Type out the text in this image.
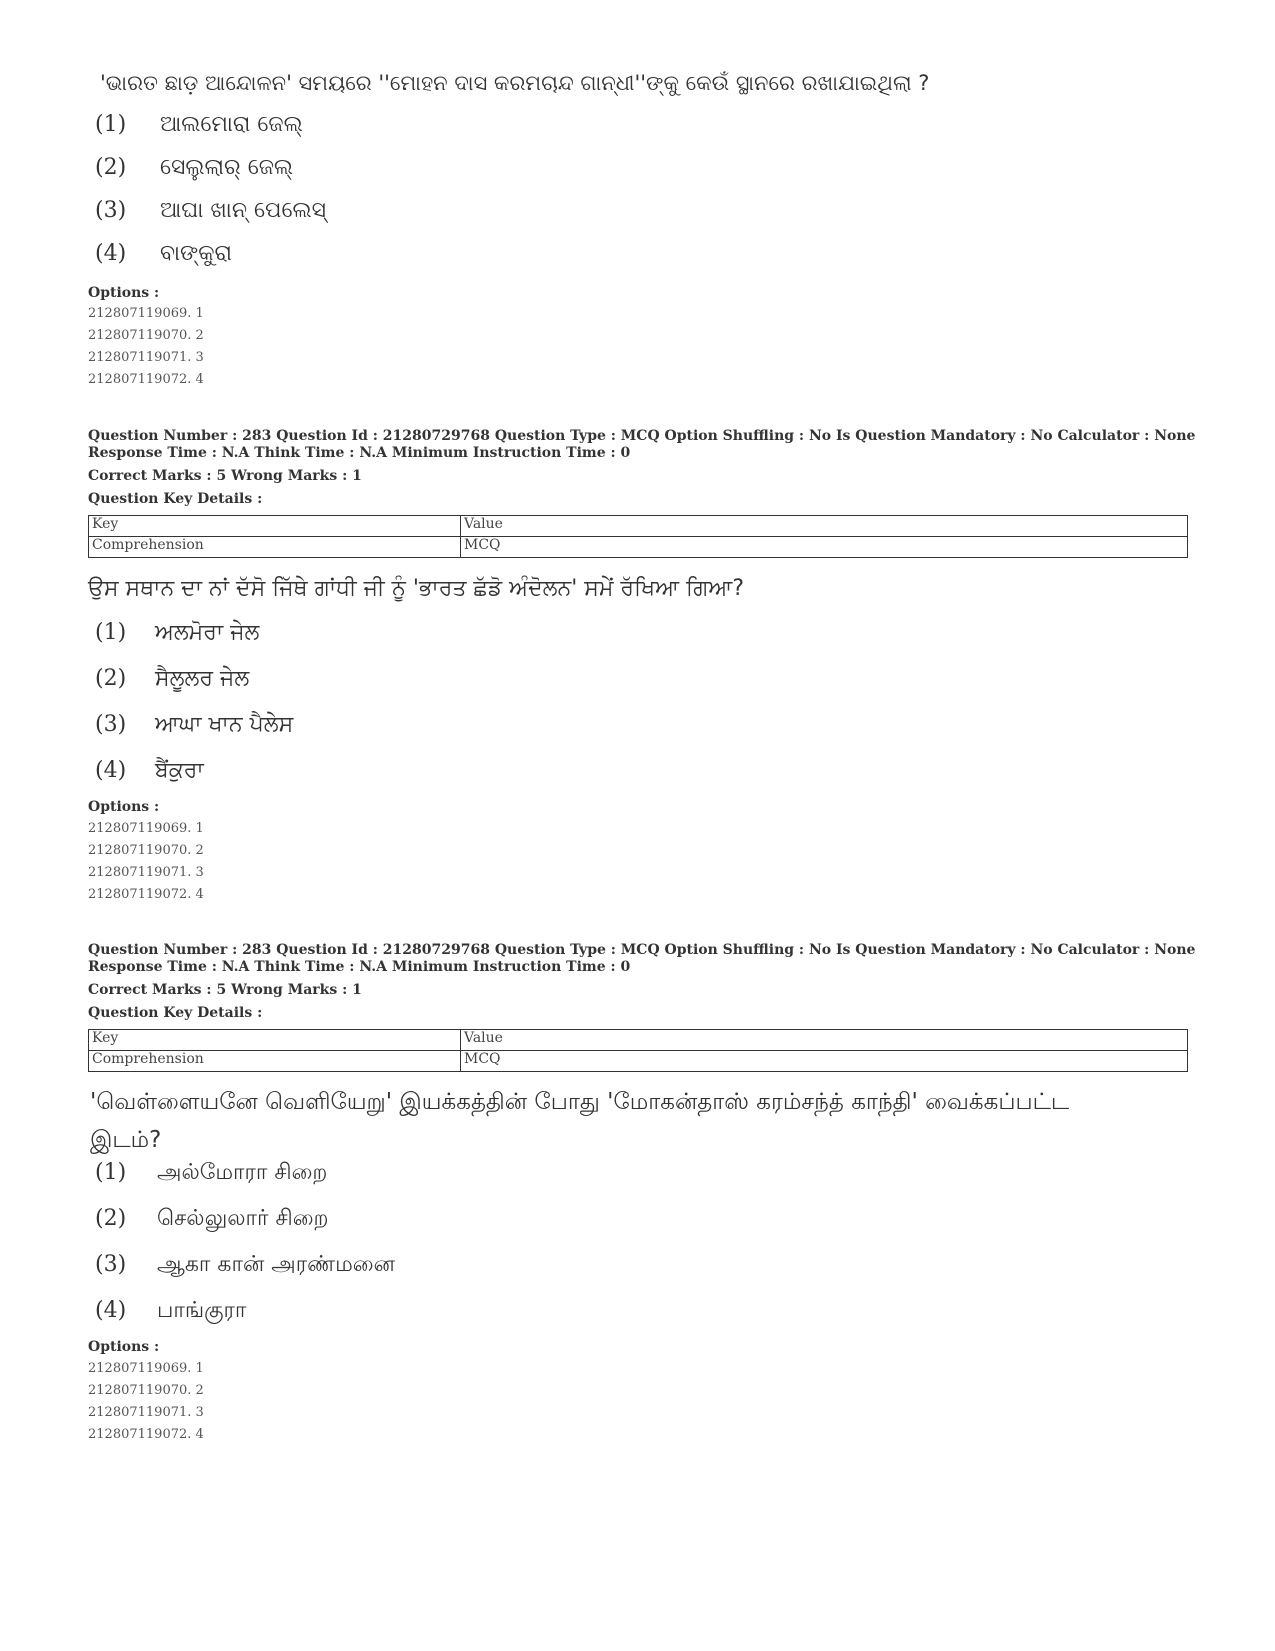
'ଭାରତ ଛାଡ଼ ଆନ୍ଦୋଳନ' ସମୟରେ ''ମୋହନ ଦାସ କରମଚାନ୍ଦ ଗାନ୍ଧୀ''ଙ୍କୁ କେଉଁ ସ୍ଥାନରେ ରଖାଯାଇଥିଲା ?
(1) ଆଲମୋରା ଜେଲ୍
(2) ସେଲୁଲାର୍ ଜେଲ୍
(3) ଆଘା ଖାନ୍ ପେଲେସ୍
(4) ବାଙ୍କୁରା
Options :
212807119069. 1
212807119070. 2
212807119071. 3
212807119072. 4
Question Number : 283 Question Id : 21280729768 Question Type : MCQ Option Shuffling : No Is Question Mandatory : No Calculator : None
Response Time : N.A Think Time : N.A Minimum Instruction Time : 0
Correct Marks : 5 Wrong Marks : 1
Question Key Details :
Key	Value
Comprehension	MCQ
ਉਸ ਸਥਾਨ ਦਾ ਨਾਂ ਦੱਸੋ ਜਿੱਥੇ ਗਾਂਧੀ ਜੀ ਨੂੰ 'ਭਾਰਤ ਛੱਡੋ ਅੰਦੋਲਨ' ਸਮੇਂ ਰੱਖਿਆ ਗਿਆ?
(1) ਅਲਮੋਰਾ ਜੇਲ
(2) ਸੈਲੂਲਰ ਜੇਲ
(3) ਆਘਾ ਖਾਨ ਪੈਲੇਸ
(4) ਬੈਂਕੁਰਾ
Options :
212807119069. 1
212807119070. 2
212807119071. 3
212807119072. 4
Question Number : 283 Question Id : 21280729768 Question Type : MCQ Option Shuffling : No Is Question Mandatory : No Calculator : None
Response Time : N.A Think Time : N.A Minimum Instruction Time : 0
Correct Marks : 5 Wrong Marks : 1
Question Key Details :
Key	Value
Comprehension	MCQ
'வெள்ளையனே வெளியேறு' இயக்கத்தின் போது 'மோகன்தாஸ் கரம்சந்த் காந்தி' வைக்கப்பட்ட இடம்?
(1) அல்மோரா சிறை
(2) செல்லுலார் சிறை
(3) ஆகா கான் அரண்மனை
(4) பாங்குரா
Options :
212807119069. 1
212807119070. 2
212807119071. 3
212807119072. 4
